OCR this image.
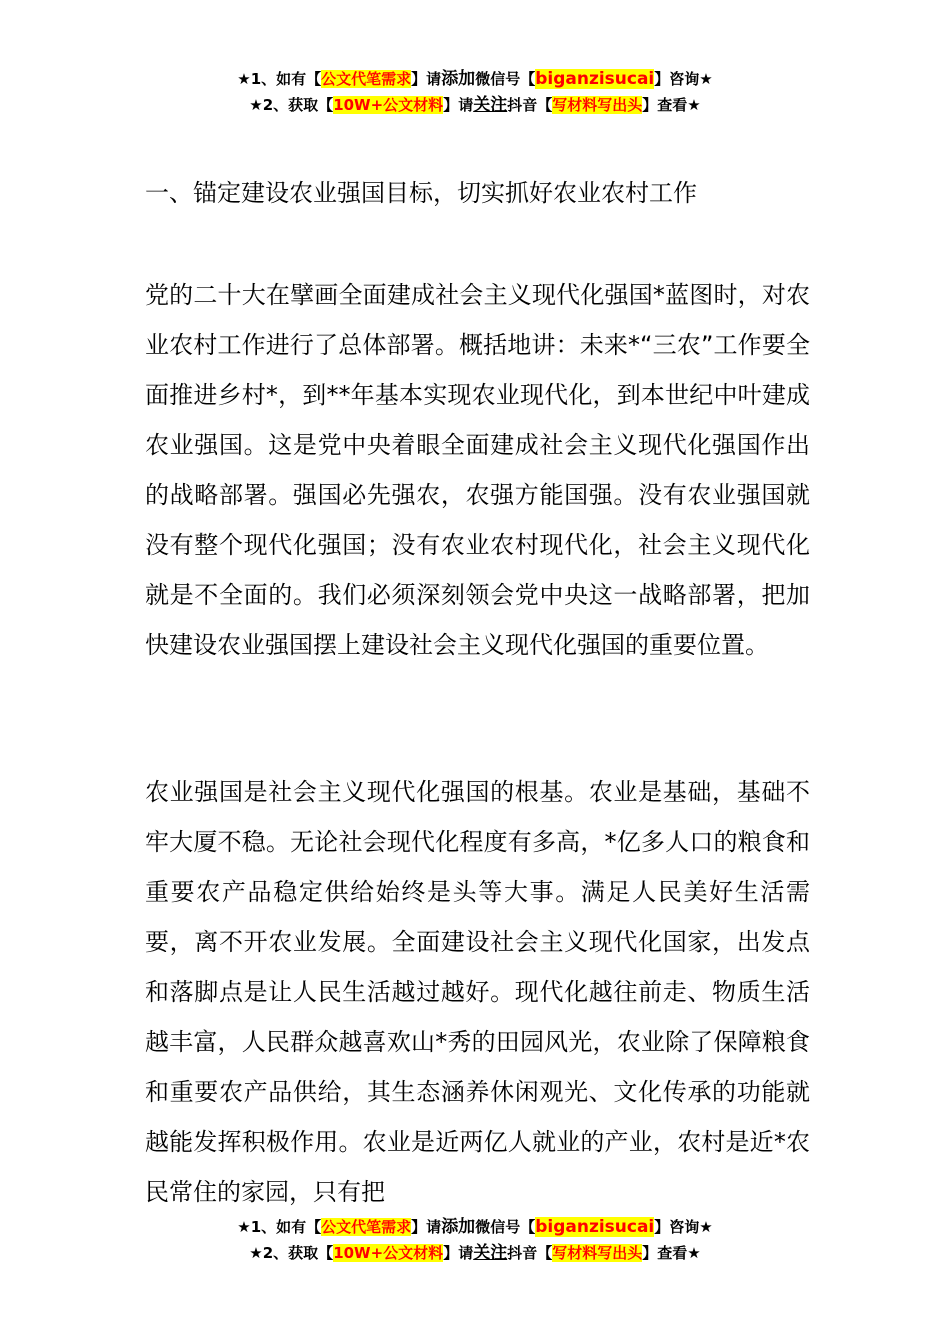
★1、如有【公文代笔需求】请添加微信号【biganzisucai】咨询★
★2、获取【10W+公文材料】请关注抖音【写材料写出头】查看★
一、锚定建设农业强国目标，切实抓好农业农村工作

党的二十大在擘画全面建成社会主义现代化强国*蓝图时，对农业农村工作进行了总体部署。概括地讲：未来*“三农”工作要全面推进乡村*，到**年基本实现农业现代化，到本世纪中叶建成农业强国。这是党中央着眼全面建成社会主义现代化强国作出的战略部署。强国必先强农，农强方能国强。没有农业强国就没有整个现代化强国；没有农业农村现代化，社会主义现代化就是不全面的。我们必须深刻领会党中央这一战略部署，把加快建设农业强国摆上建设社会主义现代化强国的重要位置。

农业强国是社会主义现代化强国的根基。农业是基础，基础不牢大厦不稳。无论社会现代化程度有多高，*亿多人口的粮食和重要农产品稳定供给始终是头等大事。满足人民美好生活需要，离不开农业发展。全面建设社会主义现代化国家，出发点和落脚点是让人民生活越过越好。现代化越往前走、物质生活越丰富，人民群众越喜欢山*秀的田园风光，农业除了保障粮食和重要农产品供给，其生态涵养休闲观光、文化传承的功能就越能发挥积极作用。农业是近两亿人就业的产业，农村是近*农民常住的家园，只有把

★1、如有【公文代笔需求】请添加微信号【biganzisucai】咨询★
★2、获取【10W+公文材料】请关注抖音【写材料写出头】查看★
